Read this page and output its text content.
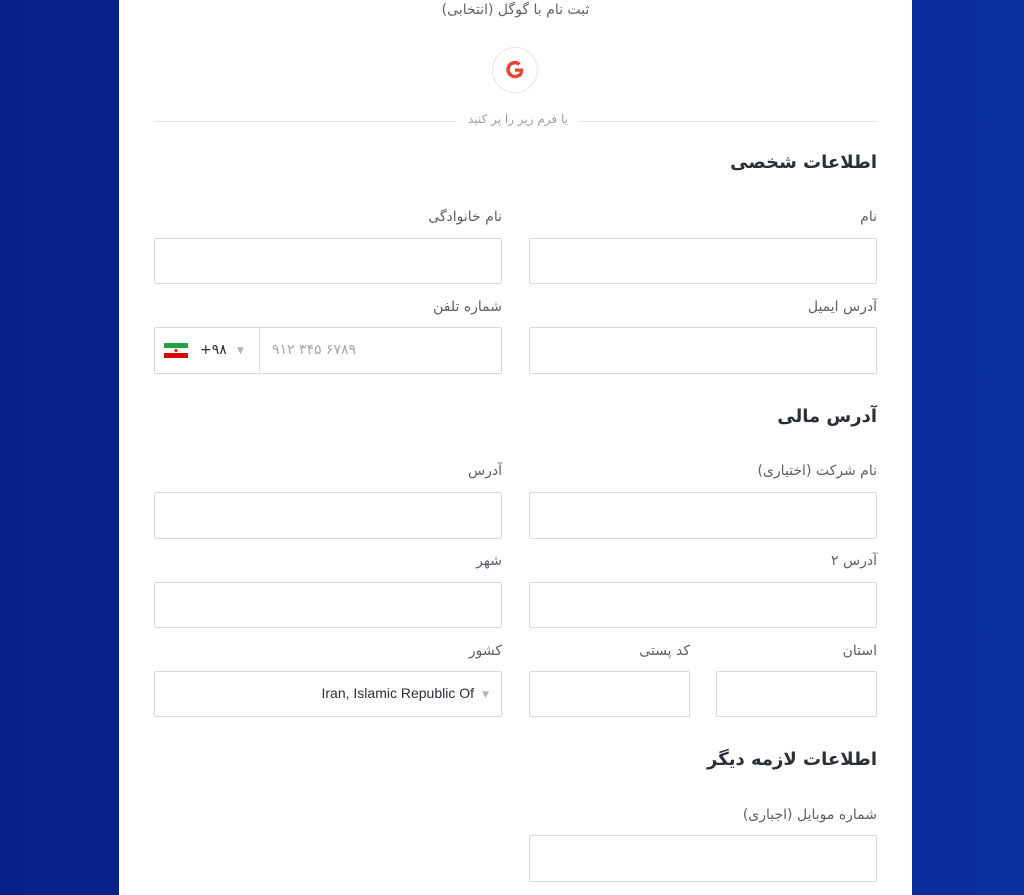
ثبت نام با گوگل (انتخابی)
یا فرم زیر را پر کنید
اطلاعات شخصی
نام
نام خانوادگی
آدرس ایمیل
شماره تلفن
+۹۸ ▼ ۹۱۲ ۳۴۵ ۶۷۸۹
آدرس مالی
نام شرکت (اختیاری)
آدرس
آدرس ۲
شهر
استان
کد پستی
کشور
▼
Iran, Islamic Republic Of
اطلاعات لازمه دیگر
شماره موبایل (اجباری)
